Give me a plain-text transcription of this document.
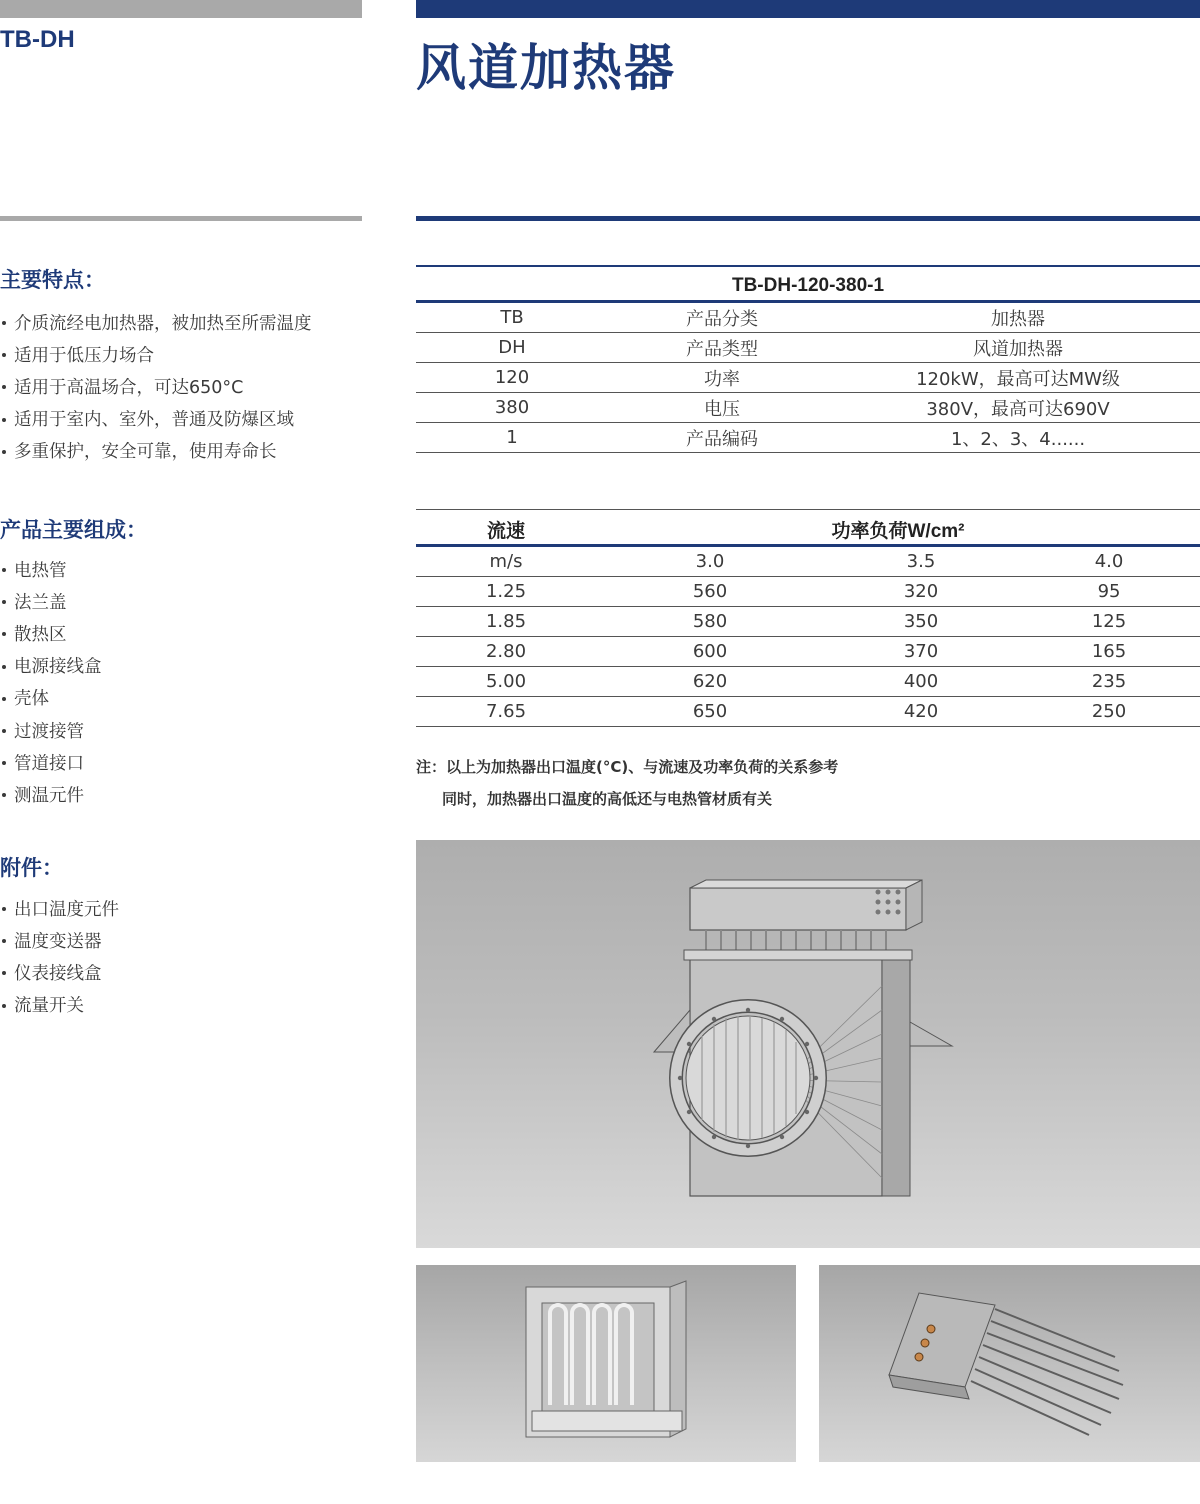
TB-DH	风道加热器
主要特点：
介质流经电加热器，被加热至所需温度
适用于低压力场合
适用于高温场合，可达650°C
适用于室内、室外，普通及防爆区域
多重保护，安全可靠，使用寿命长
产品主要组成：
电热管
法兰盖
散热区
电源接线盒
壳体
过渡接管
管道接口
测温元件
附件：
出口温度元件
温度变送器
仪表接线盒
流量开关
TB-DH-120-380-1		
TB	产品分类	加热器
DH	产品类型	风道加热器
120	功率	120kW，最高可达MW级
380	电压	380V，最高可达690V
1	产品编码	1、2、3、4......
流速	功率负荷W/cm²		
m/s	3.0	3.5	4.0
1.25	560	320	95
1.85	580	350	125
2.80	600	370	165
5.00	620	400	235
7.65	650	420	250
注：以上为加热器出口温度(°C)、与流速及功率负荷的关系参考
同时，加热器出口温度的高低还与电热管材质有关
